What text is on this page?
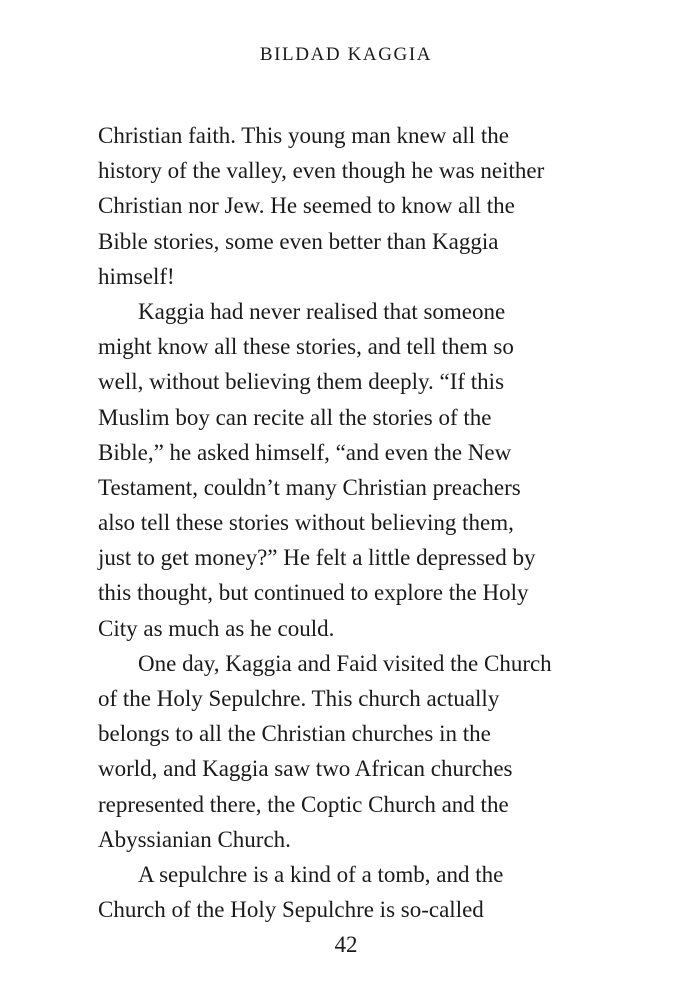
BILDAD KAGGIA
Christian faith. This young man knew all the
history of the valley, even though he was neither
Christian nor Jew. He seemed to know all the
Bible stories, some even better than Kaggia
himself!
Kaggia had never realised that someone
might know all these stories, and tell them so
well, without believing them deeply. “If this
Muslim boy can recite all the stories of the
Bible,” he asked himself, “and even the New
Testament, couldn’t many Christian preachers
also tell these stories without believing them,
just to get money?” He felt a little depressed by
this thought, but continued to explore the Holy
City as much as he could.
One day, Kaggia and Faid visited the Church
of the Holy Sepulchre. This church actually
belongs to all the Christian churches in the
world, and Kaggia saw two African churches
represented there, the Coptic Church and the
Abyssianian Church.
A sepulchre is a kind of a tomb, and the
Church of the Holy Sepulchre is so-called
42
